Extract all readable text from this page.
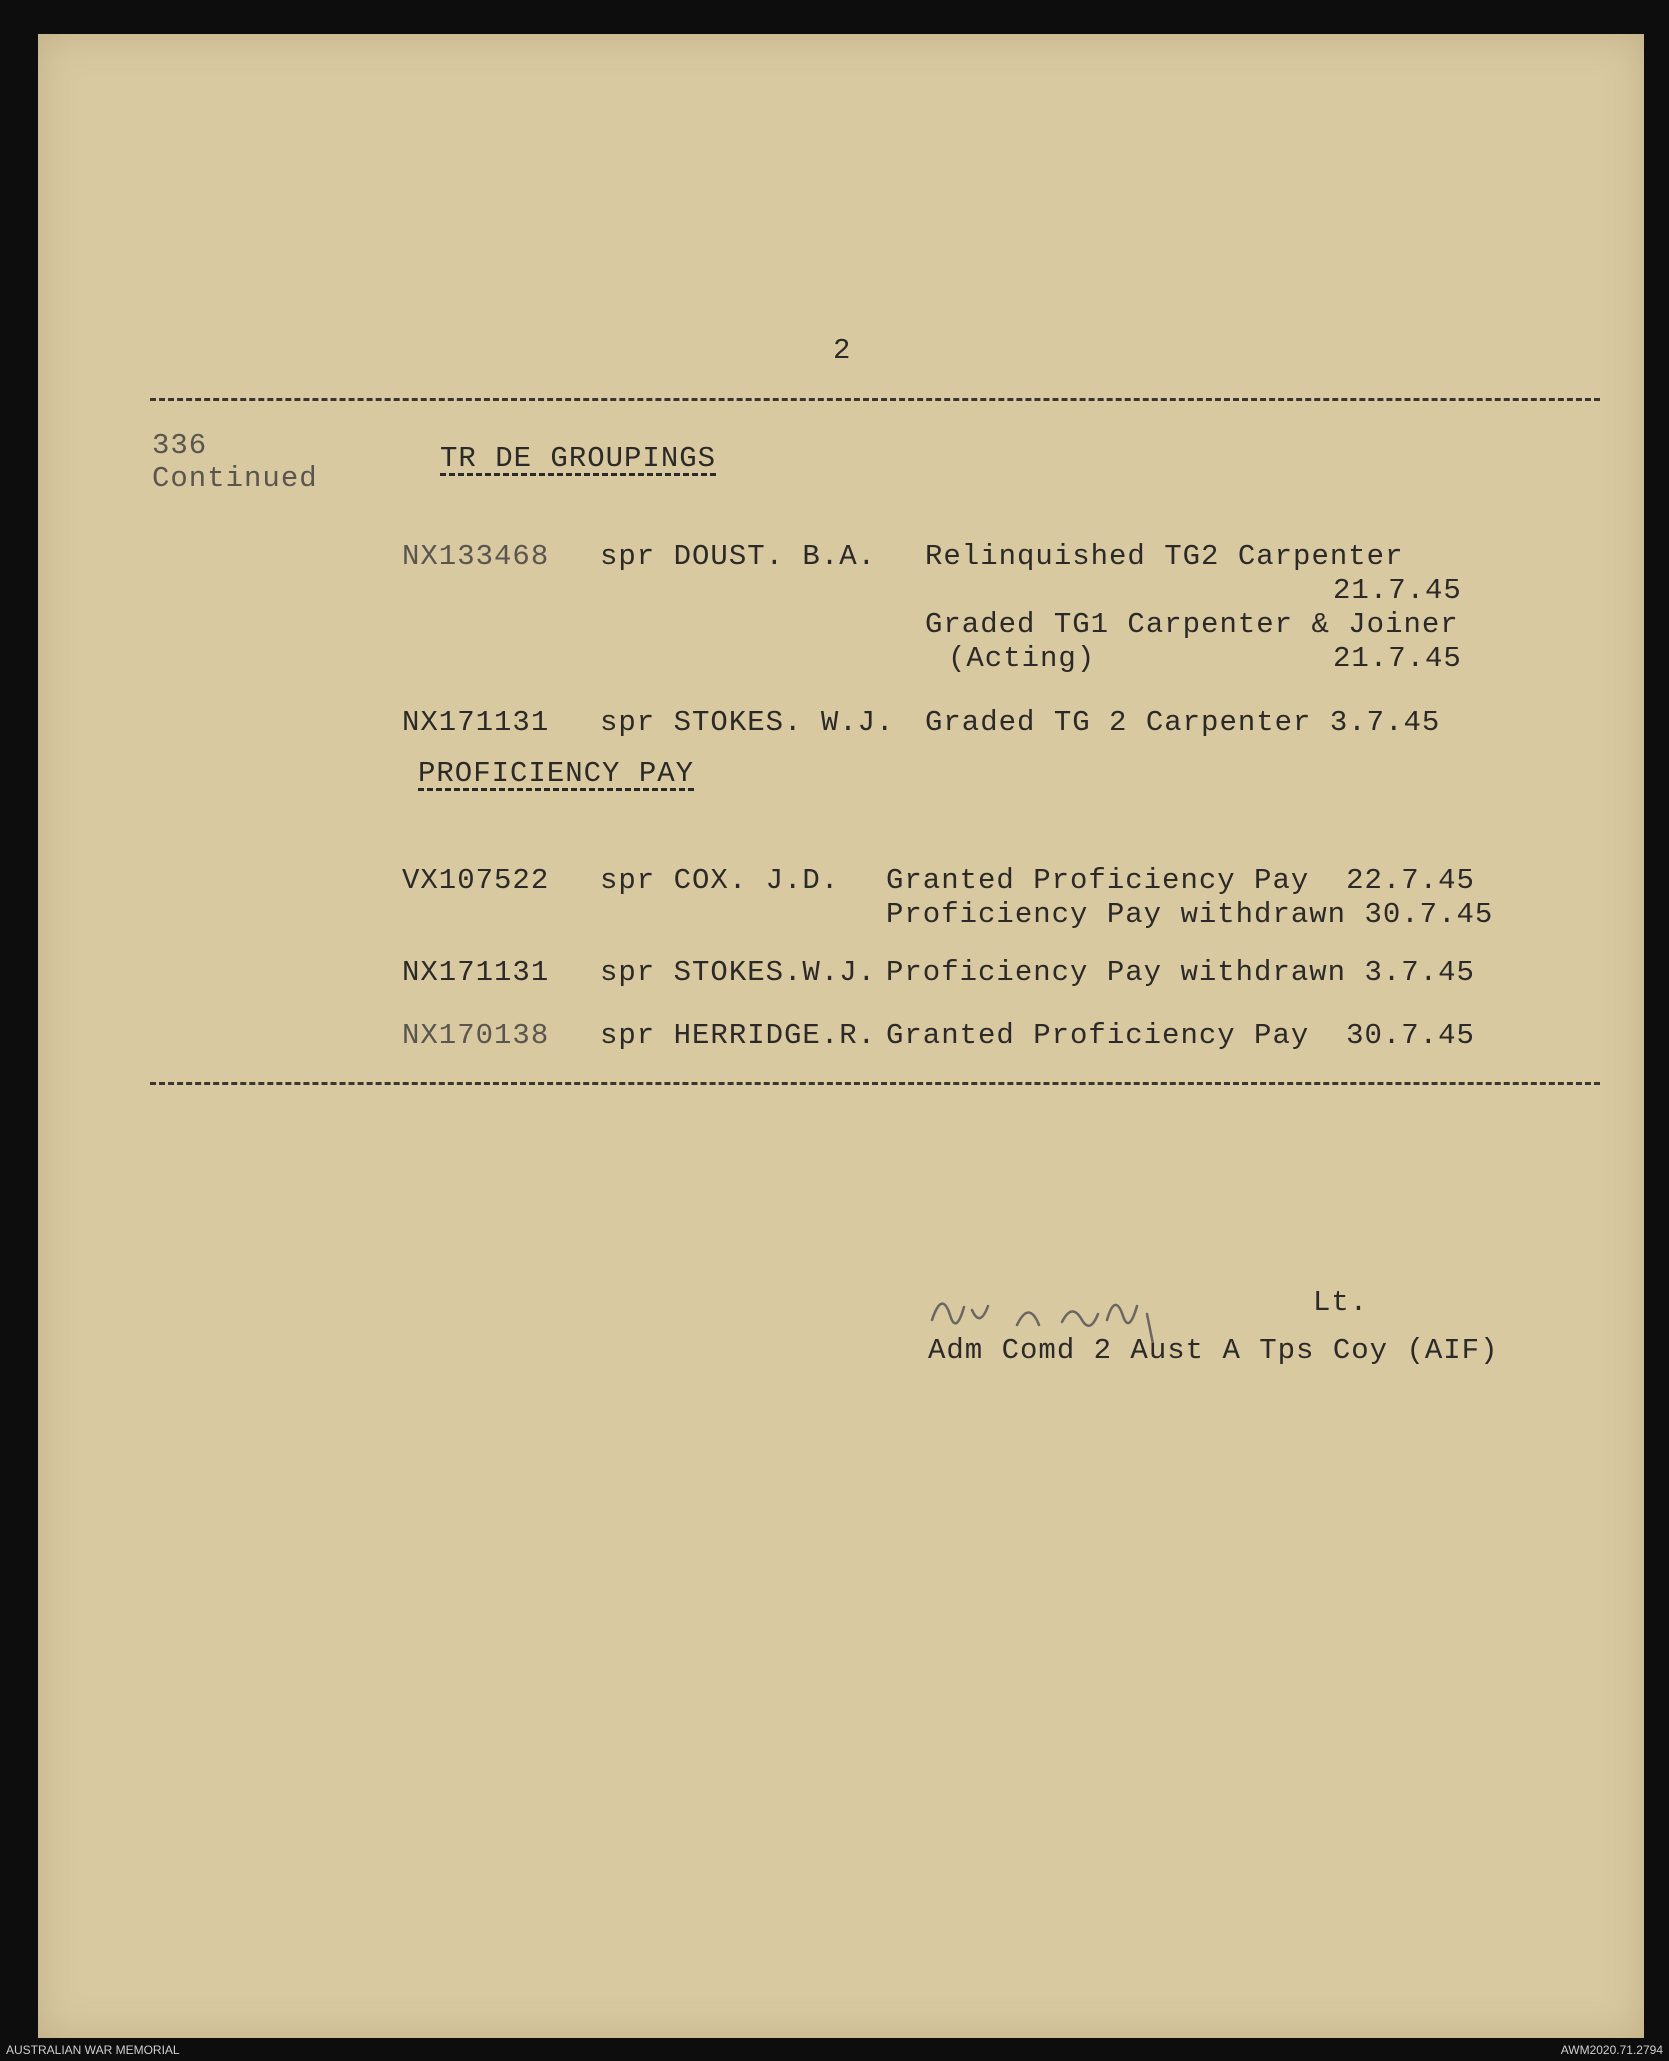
2
336
Continued
TR DE GROUPINGS
NX133468 spr DOUST. B.A. Relinquished TG2 Carpenter
21.7.45
Graded TG1 Carpenter & Joiner
(Acting)	21.7.45
NX171131 spr STOKES. W.J. Graded TG 2 Carpenter 3.7.45
PROFICIENCY PAY
VX107522 spr COX. J.D. Granted Proficiency Pay  22.7.45
Proficiency Pay withdrawn 30.7.45
NX171131 spr STOKES.W.J. Proficiency Pay withdrawn 3.7.45
NX170138 spr HERRIDGE.R. Granted Proficiency Pay  30.7.45
Lt.
Adm Comd 2 Aust A Tps Coy (AIF)
AUSTRALIAN WAR MEMORIAL	AWM2020.71.2794
